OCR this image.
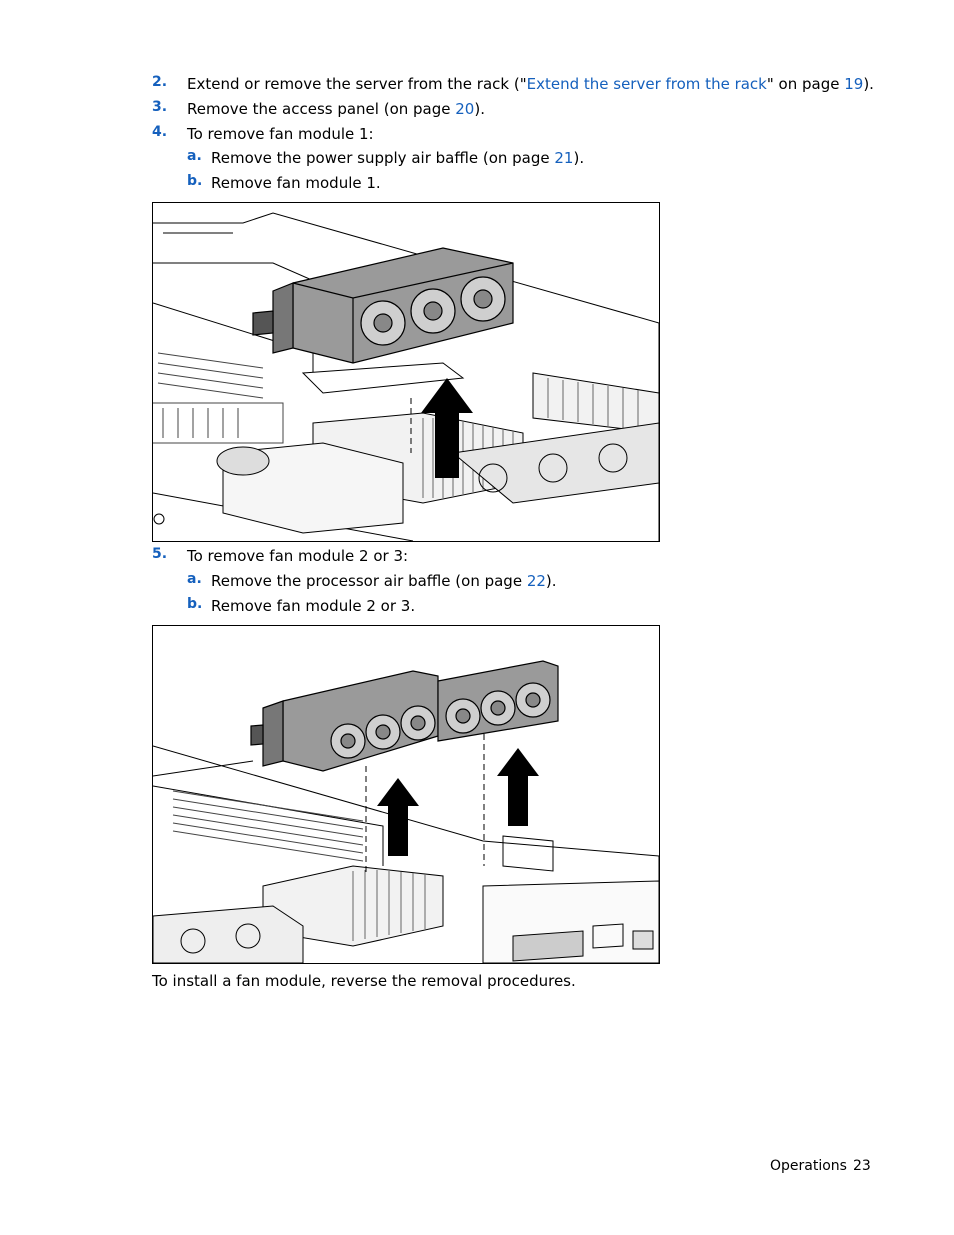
2. Extend or remove the server from the rack ("Extend the server from the rack" on page 19).
3. Remove the access panel (on page 20).
4. To remove fan module 1:
a. Remove the power supply air baffle (on page 21).
b. Remove fan module 1.
5. To remove fan module 2 or 3:
a. Remove the processor air baffle (on page 22).
b. Remove fan module 2 or 3.
To install a fan module, reverse the removal procedures.
Operations 23
